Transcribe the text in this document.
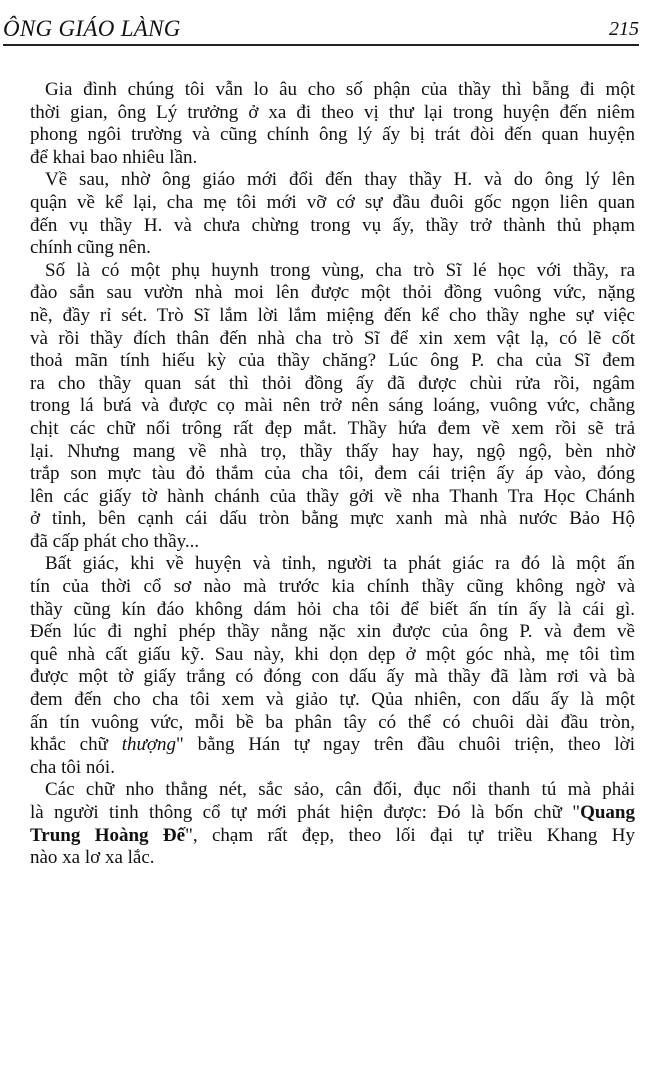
ÔNG GIÁO LÀNG	215
Gia đình chúng tôi vẫn lo âu cho số phận của thầy thì bẵng đi một
thời gian, ông Lý trưởng ở xa đi theo vị thư lại trong huyện đến niêm
phong ngôi trường và cũng chính ông lý ấy bị trát đòi đến quan huyện
để khai bao nhiêu lần.
Về sau, nhờ ông giáo mới đổi đến thay thầy H. và do ông lý lên
quận về kể lại, cha mẹ tôi mới vỡ cớ sự đầu đuôi gốc ngọn liên quan
đến vụ thầy H. và chưa chừng trong vụ ấy, thầy trở thành thủ phạm
chính cũng nên.
Số là có một phụ huynh trong vùng, cha trò Sĩ lé học với thầy, ra
đào sắn sau vườn nhà moi lên được một thỏi đồng vuông vức, nặng
nề, đầy rỉ sét. Trò Sĩ lắm lời lắm miệng đến kể cho thầy nghe sự việc
và rồi thầy đích thân đến nhà cha trò Sĩ để xin xem vật lạ, có lẽ cốt
thoả mãn tính hiếu kỳ của thầy chăng? Lúc ông P. cha của Sĩ đem
ra cho thầy quan sát thì thỏi đồng ấy đã được chùi rửa rồi, ngâm
trong lá bưá và được cọ mài nên trở nên sáng loáng, vuông vức, chằng
chịt các chữ nổi trông rất đẹp mắt. Thầy hứa đem về xem rồi sẽ trả
lại. Nhưng mang về nhà trọ, thầy thấy hay hay, ngộ ngộ, bèn nhờ
trắp son mực tàu đỏ thắm của cha tôi, đem cái triện ấy áp vào, đóng
lên các giấy tờ hành chánh của thầy gởi về nha Thanh Tra Học Chánh
ở tỉnh, bên cạnh cái dấu tròn bằng mực xanh mà nhà nước Bảo Hộ
đã cấp phát cho thầy...
Bất giác, khi về huyện và tỉnh, người ta phát giác ra đó là một ấn
tín của thời cổ sơ nào mà trước kia chính thầy cũng không ngờ và
thầy cũng kín đáo không dám hỏi cha tôi để biết ấn tín ấy là cái gì.
Đến lúc đi nghỉ phép thầy nằng nặc xin được của ông P. và đem về
quê nhà cất giấu kỹ. Sau này, khi dọn dẹp ở một góc nhà, mẹ tôi tìm
được một tờ giấy trắng có đóng con dấu ấy mà thầy đã làm rơi và bà
đem đến cho cha tôi xem và giảo tự. Qủa nhiên, con dấu ấy là một
ấn tín vuông vức, mỗi bề ba phân tây có thể có chuôi dài đầu tròn,
khắc chữ thượng" bằng Hán tự ngay trên đầu chuôi triện, theo lời
cha tôi nói.
Các chữ nho thẳng nét, sắc sảo, cân đối, đục nổi thanh tú mà phải
là người tinh thông cổ tự mới phát hiện được: Đó là bốn chữ "Quang
Trung Hoàng Đế", chạm rất đẹp, theo lối đại tự triều Khang Hy
nào xa lơ xa lắc.
